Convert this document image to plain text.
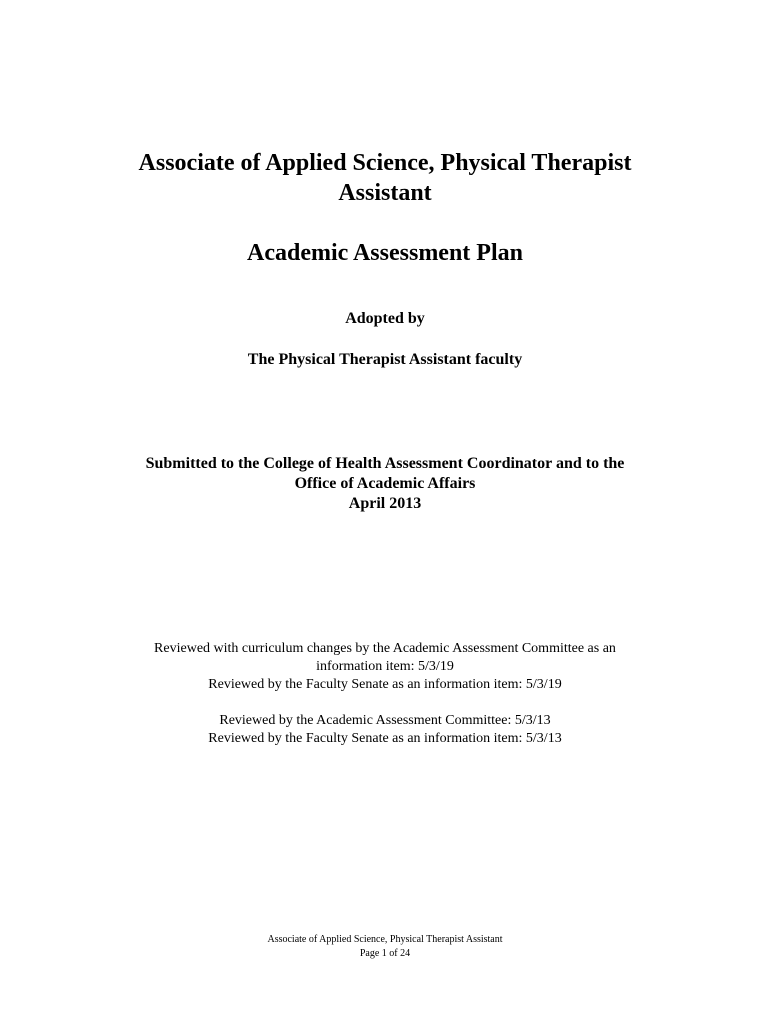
Associate of Applied Science, Physical Therapist
Assistant
Academic Assessment Plan
Adopted by
The Physical Therapist Assistant faculty
Submitted to the College of Health Assessment Coordinator and to the
Office of Academic Affairs
April 2013
Reviewed with curriculum changes by the Academic Assessment Committee as an
information item: 5/3/19
Reviewed by the Faculty Senate as an information item: 5/3/19
Reviewed by the Academic Assessment Committee: 5/3/13
Reviewed by the Faculty Senate as an information item: 5/3/13
Associate of Applied Science, Physical Therapist Assistant
Page 1 of 24
